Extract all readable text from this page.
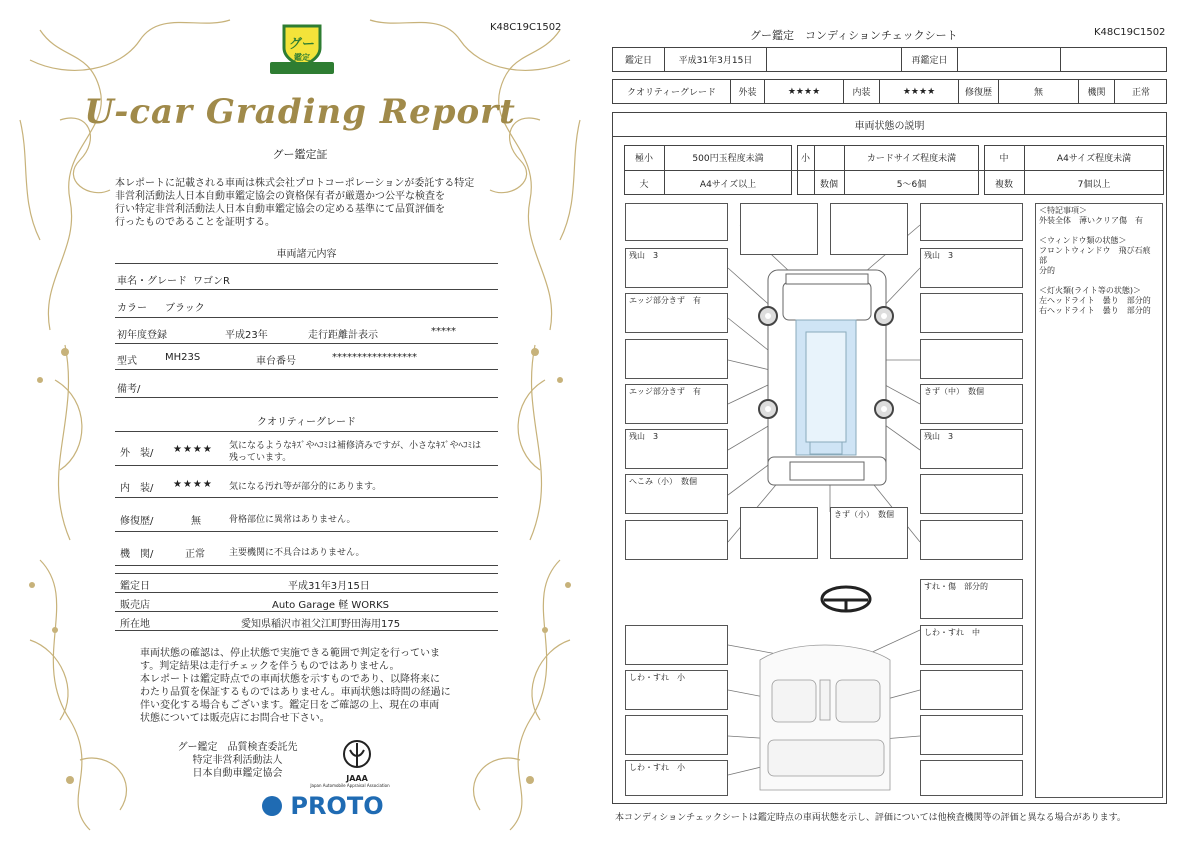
K48C19C1502
グー
鑑定
U-car Grading Report
グー鑑定証
本レポートに記載される車両は株式会社プロトコーポレーションが委託する特定
非営利活動法人日本自動車鑑定協会の資格保有者が厳選かつ公平な検査を
行い特定非営利活動法人日本自動車鑑定協会の定める基準にて品質評価を
行ったものであることを証明する。
車両諸元内容
車名・グレード ワゴンR
カラー ブラック
初年度登録	平成23年	走行距離計表示	*****
型式	MH23S	車台番号	*****************
備考/
クオリティーグレード
外　装/ ★★★★ 気になるようなｷｽﾞやﾍｺﾐは補修済みですが、小さなｷｽﾞやﾍｺﾐは
残っています。
内　装/ ★★★★ 気になる汚れ等が部分的にあります。
修復歴/	無	骨格部位に異常はありません。
機　関/	正常	主要機関に不具合はありません。
鑑定日	平成31年3月15日
販売店	Auto Garage 軽 WORKS
所在地	愛知県稲沢市祖父江町野田海用175
車両状態の確認は、停止状態で実施できる範囲で判定を行っていま
す。判定結果は走行チェックを伴うものではありません。
本レポートは鑑定時点での車両状態を示すものであり、以降将来に
わたり品質を保証するものではありません。車両状態は時間の経過に
伴い変化する場合もございます。鑑定日をご確認の上、現在の車両
状態については販売店にお問合せ下さい。
グー鑑定　品質検査委託先
特定非営利活動法人
日本自動車鑑定協会	JAAA
Japan Automobile Appraisal Association
PROTO
グー鑑定　コンディションチェックシート	K48C19C1502
鑑定日	平成31年3月15日	再鑑定日
クオリティーグレード	外装	★★★★	内装	★★★★	修復歴	無	機関	正常
車両状態の説明
極小	500円玉程度未満	小	カードサイズ程度未満	中	A4サイズ程度未満
大	A4サイズ以上	数個	5～6個	複数	7個以上
残山　3	残山　3
エッジ部分きず　有
エッジ部分きず　有	きず（中）　数個
残山　3	残山　3
へこみ（小）　数個
きず（小）　数個
すれ・傷　部分的
しわ・すれ　中
しわ・すれ　小
しわ・すれ　小
＜特記事項＞
外装全体　薄いクリア傷　有
＜ウィンドウ類の状態＞
フロントウィンドウ　飛び石痕　部
分的
＜灯火類(ライト等の状態)＞
左ヘッドライト　曇り　部分的
右ヘッドライト　曇り　部分的
本コンディションチェックシートは鑑定時点の車両状態を示し、評価については他検査機関等の評価と異なる場合があります。
